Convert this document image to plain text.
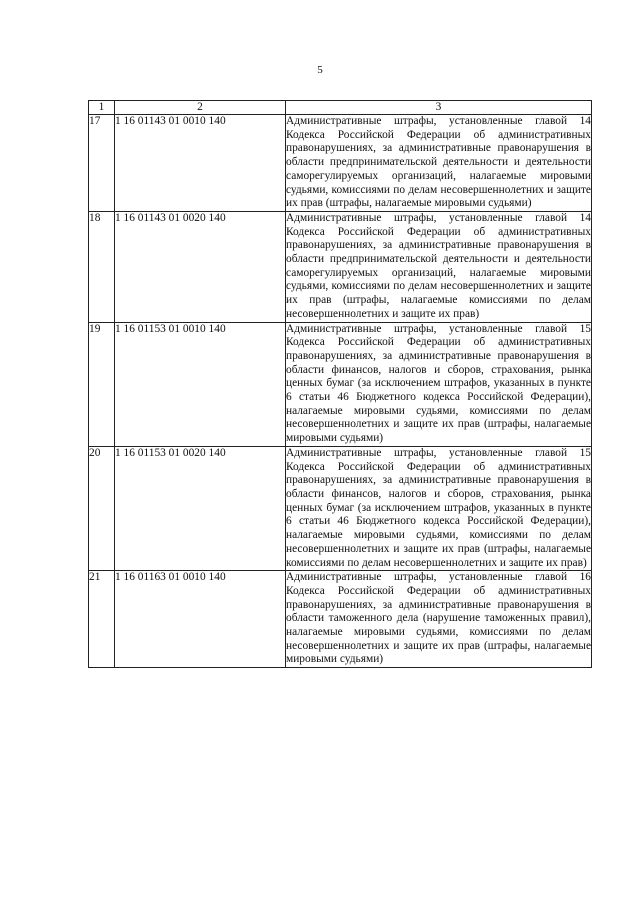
5
1	2	3
17	1 16 01143 01 0010 140	Административные штрафы, установленные главой 14 Кодекса Российской Федерации об административных правонарушениях, за административные правонарушения в области предпринимательской деятельности и деятельности саморегулируемых организаций, налагаемые мировыми судьями, комиссиями по делам несовершеннолетних и защите их прав (штрафы, налагаемые мировыми судьями)
18	1 16 01143 01 0020 140	Административные штрафы, установленные главой 14 Кодекса Российской Федерации об административных правонарушениях, за административные правонарушения в области предпринимательской деятельности и деятельности саморегулируемых организаций, налагаемые мировыми судьями, комиссиями по делам несовершеннолетних и защите их прав (штрафы, налагаемые комиссиями по делам несовершеннолетних и защите их прав)
19	1 16 01153 01 0010 140	Административные штрафы, установленные главой 15 Кодекса Российской Федерации об административных правонарушениях, за административные правонарушения в области финансов, налогов и сборов, страхования, рынка ценных бумаг (за исключением штрафов, указанных в пункте 6 статьи 46 Бюджетного кодекса Российской Федерации), налагаемые мировыми судьями, комиссиями по делам несовершеннолетних и защите их прав (штрафы, налагаемые мировыми судьями)
20	1 16 01153 01 0020 140	Административные штрафы, установленные главой 15 Кодекса Российской Федерации об административных правонарушениях, за административные правонарушения в области финансов, налогов и сборов, страхования, рынка ценных бумаг (за исключением штрафов, указанных в пункте 6 статьи 46 Бюджетного кодекса Российской Федерации), налагаемые мировыми судьями, комиссиями по делам несовершеннолетних и защите их прав (штрафы, налагаемые комиссиями по делам несовершеннолетних и защите их прав)
21	1 16 01163 01 0010 140	Административные штрафы, установленные главой 16 Кодекса Российской Федерации об административных правонарушениях, за административные правонарушения в области таможенного дела (нарушение таможенных правил), налагаемые мировыми судьями, комиссиями по делам несовершеннолетних и защите их прав (штрафы, налагаемые мировыми судьями)
